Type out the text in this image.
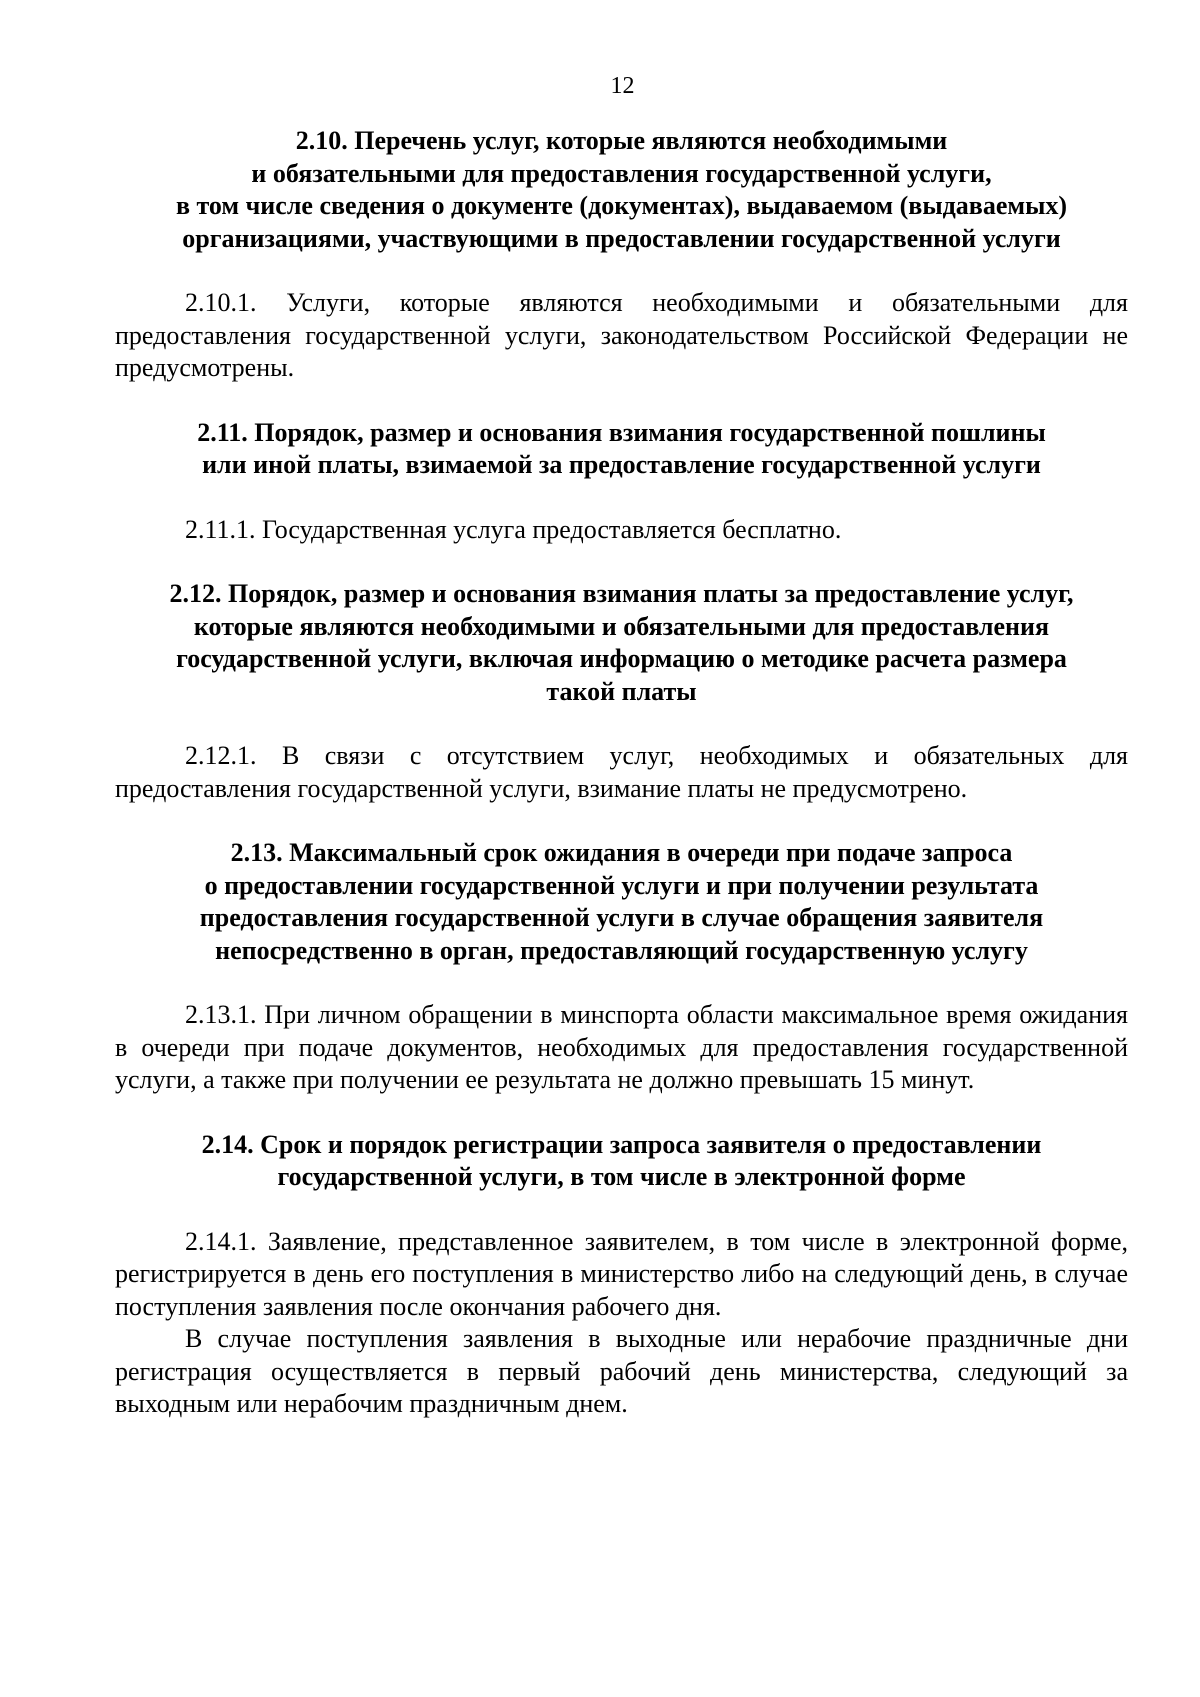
12
2.10. Перечень услуг, которые являются необходимыми
и обязательными для предоставления государственной услуги,
в том числе сведения о документе (документах), выдаваемом (выдаваемых)
организациями, участвующими в предоставлении государственной услуги

2.10.1. Услуги, которые являются необходимыми и обязательными для предоставления государственной услуги, законодательством Российской Федерации не предусмотрены.

2.11. Порядок, размер и основания взимания государственной пошлины
или иной платы, взимаемой за предоставление государственной услуги

2.11.1. Государственная услуга предоставляется бесплатно.

2.12. Порядок, размер и основания взимания платы за предоставление услуг,
которые являются необходимыми и обязательными для предоставления
государственной услуги, включая информацию о методике расчета размера
такой платы

2.12.1. В связи с отсутствием услуг, необходимых и обязательных для предоставления государственной услуги, взимание платы не предусмотрено.

2.13. Максимальный срок ожидания в очереди при подаче запроса
о предоставлении государственной услуги и при получении результата
предоставления государственной услуги в случае обращения заявителя
непосредственно в орган, предоставляющий государственную услугу

2.13.1. При личном обращении в минспорта области максимальное время ожидания в очереди при подаче документов, необходимых для предоставления государственной услуги, а также при получении ее результата не должно превышать 15 минут.

2.14. Срок и порядок регистрации запроса заявителя о предоставлении
государственной услуги, в том числе в электронной форме

2.14.1. Заявление, представленное заявителем, в том числе в электронной форме, регистрируется в день его поступления в министерство либо на следующий день, в случае поступления заявления после окончания рабочего дня.

В случае поступления заявления в выходные или нерабочие праздничные дни регистрация осуществляется в первый рабочий день министерства, следующий за выходным или нерабочим праздничным днем.
